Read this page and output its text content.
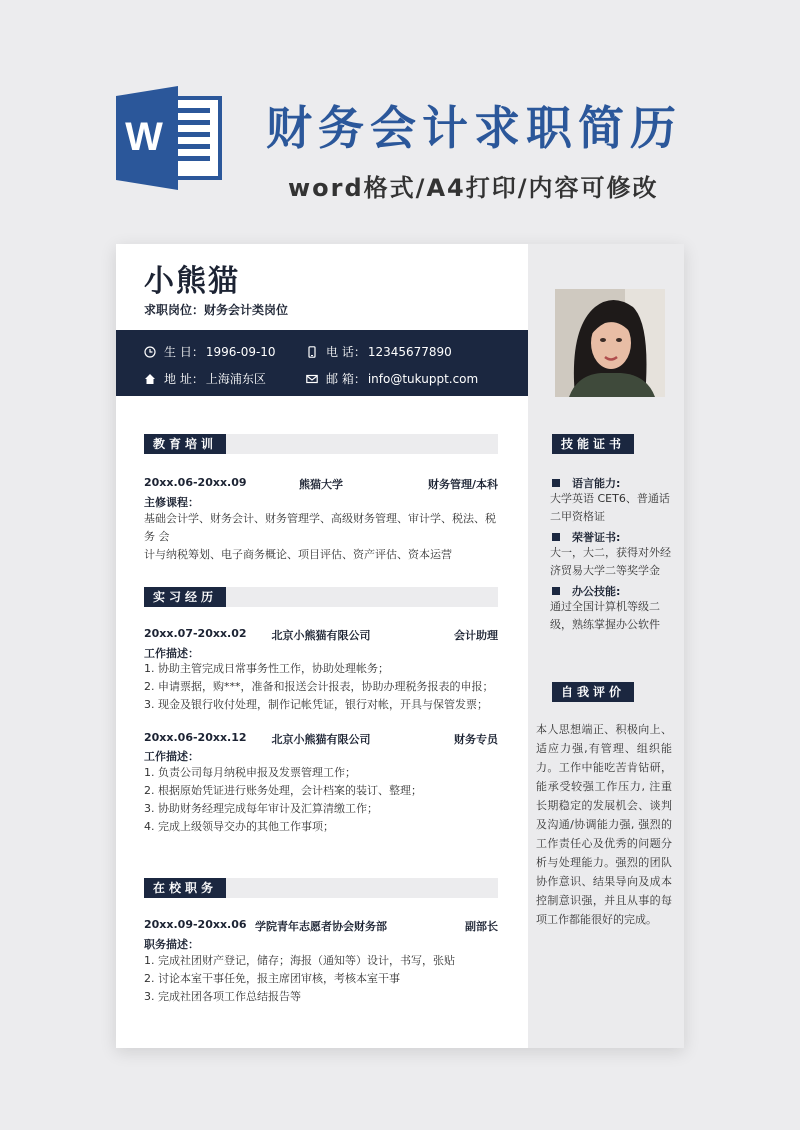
W 财务会计求职简历
word格式/A4打印/内容可修改
小熊猫
求职岗位：财务会计类岗位
生 日： 1996-09-10	电 话： 12345677890
地 址： 上海浦东区	邮 箱： info@tukuppt.com
教育培训
20xx.06-20xx.09	熊猫大学	财务管理/本科
主修课程：
基础会计学、财务会计、财务管理学、高级财务管理、审计学、税法、税务 会
计与纳税筹划、电子商务概论、项目评估、资产评估、资本运营
实习经历
20xx.07-20xx.02	北京小熊猫有限公司	会计助理
工作描述：
1. 协助主管完成日常事务性工作，协助处理帐务；
2. 申请票据，购***，准备和报送会计报表，协助办理税务报表的申报；
3. 现金及银行收付处理，制作记帐凭证，银行对帐，开具与保管发票；
20xx.06-20xx.12	北京小熊猫有限公司	财务专员
工作描述：
1. 负责公司每月纳税申报及发票管理工作；
2. 根据原始凭证进行账务处理，会计档案的装订、整理；
3. 协助财务经理完成每年审计及汇算清缴工作；
4. 完成上级领导交办的其他工作事项；
在校职务
20xx.09-20xx.06 学院青年志愿者协会财务部	副部长
职务描述：
1. 完成社团财产登记，储存；海报（通知等）设计，书写，张贴
2. 讨论本室干事任免，报主席团审核，考核本室干事
3. 完成社团各项工作总结报告等
技能证书
语言能力:
大学英语 CET6、普通话二甲资格证
荣誉证书:
大一，大二，获得对外经济贸易大学二等奖学金
办公技能:
通过全国计算机等级二级，熟练掌握办公软件
自我评价
本人思想端正、积极向上、适应力强,有管理、组织能力。工作中能吃苦肯钻研，能承受较强工作压力, 注重长期稳定的发展机会、谈判及沟通/协调能力强, 强烈的工作责任心及优秀的问题分析与处理能力。强烈的团队协作意识、结果导向及成本控制意识强，并且从事的每项工作都能很好的完成。
